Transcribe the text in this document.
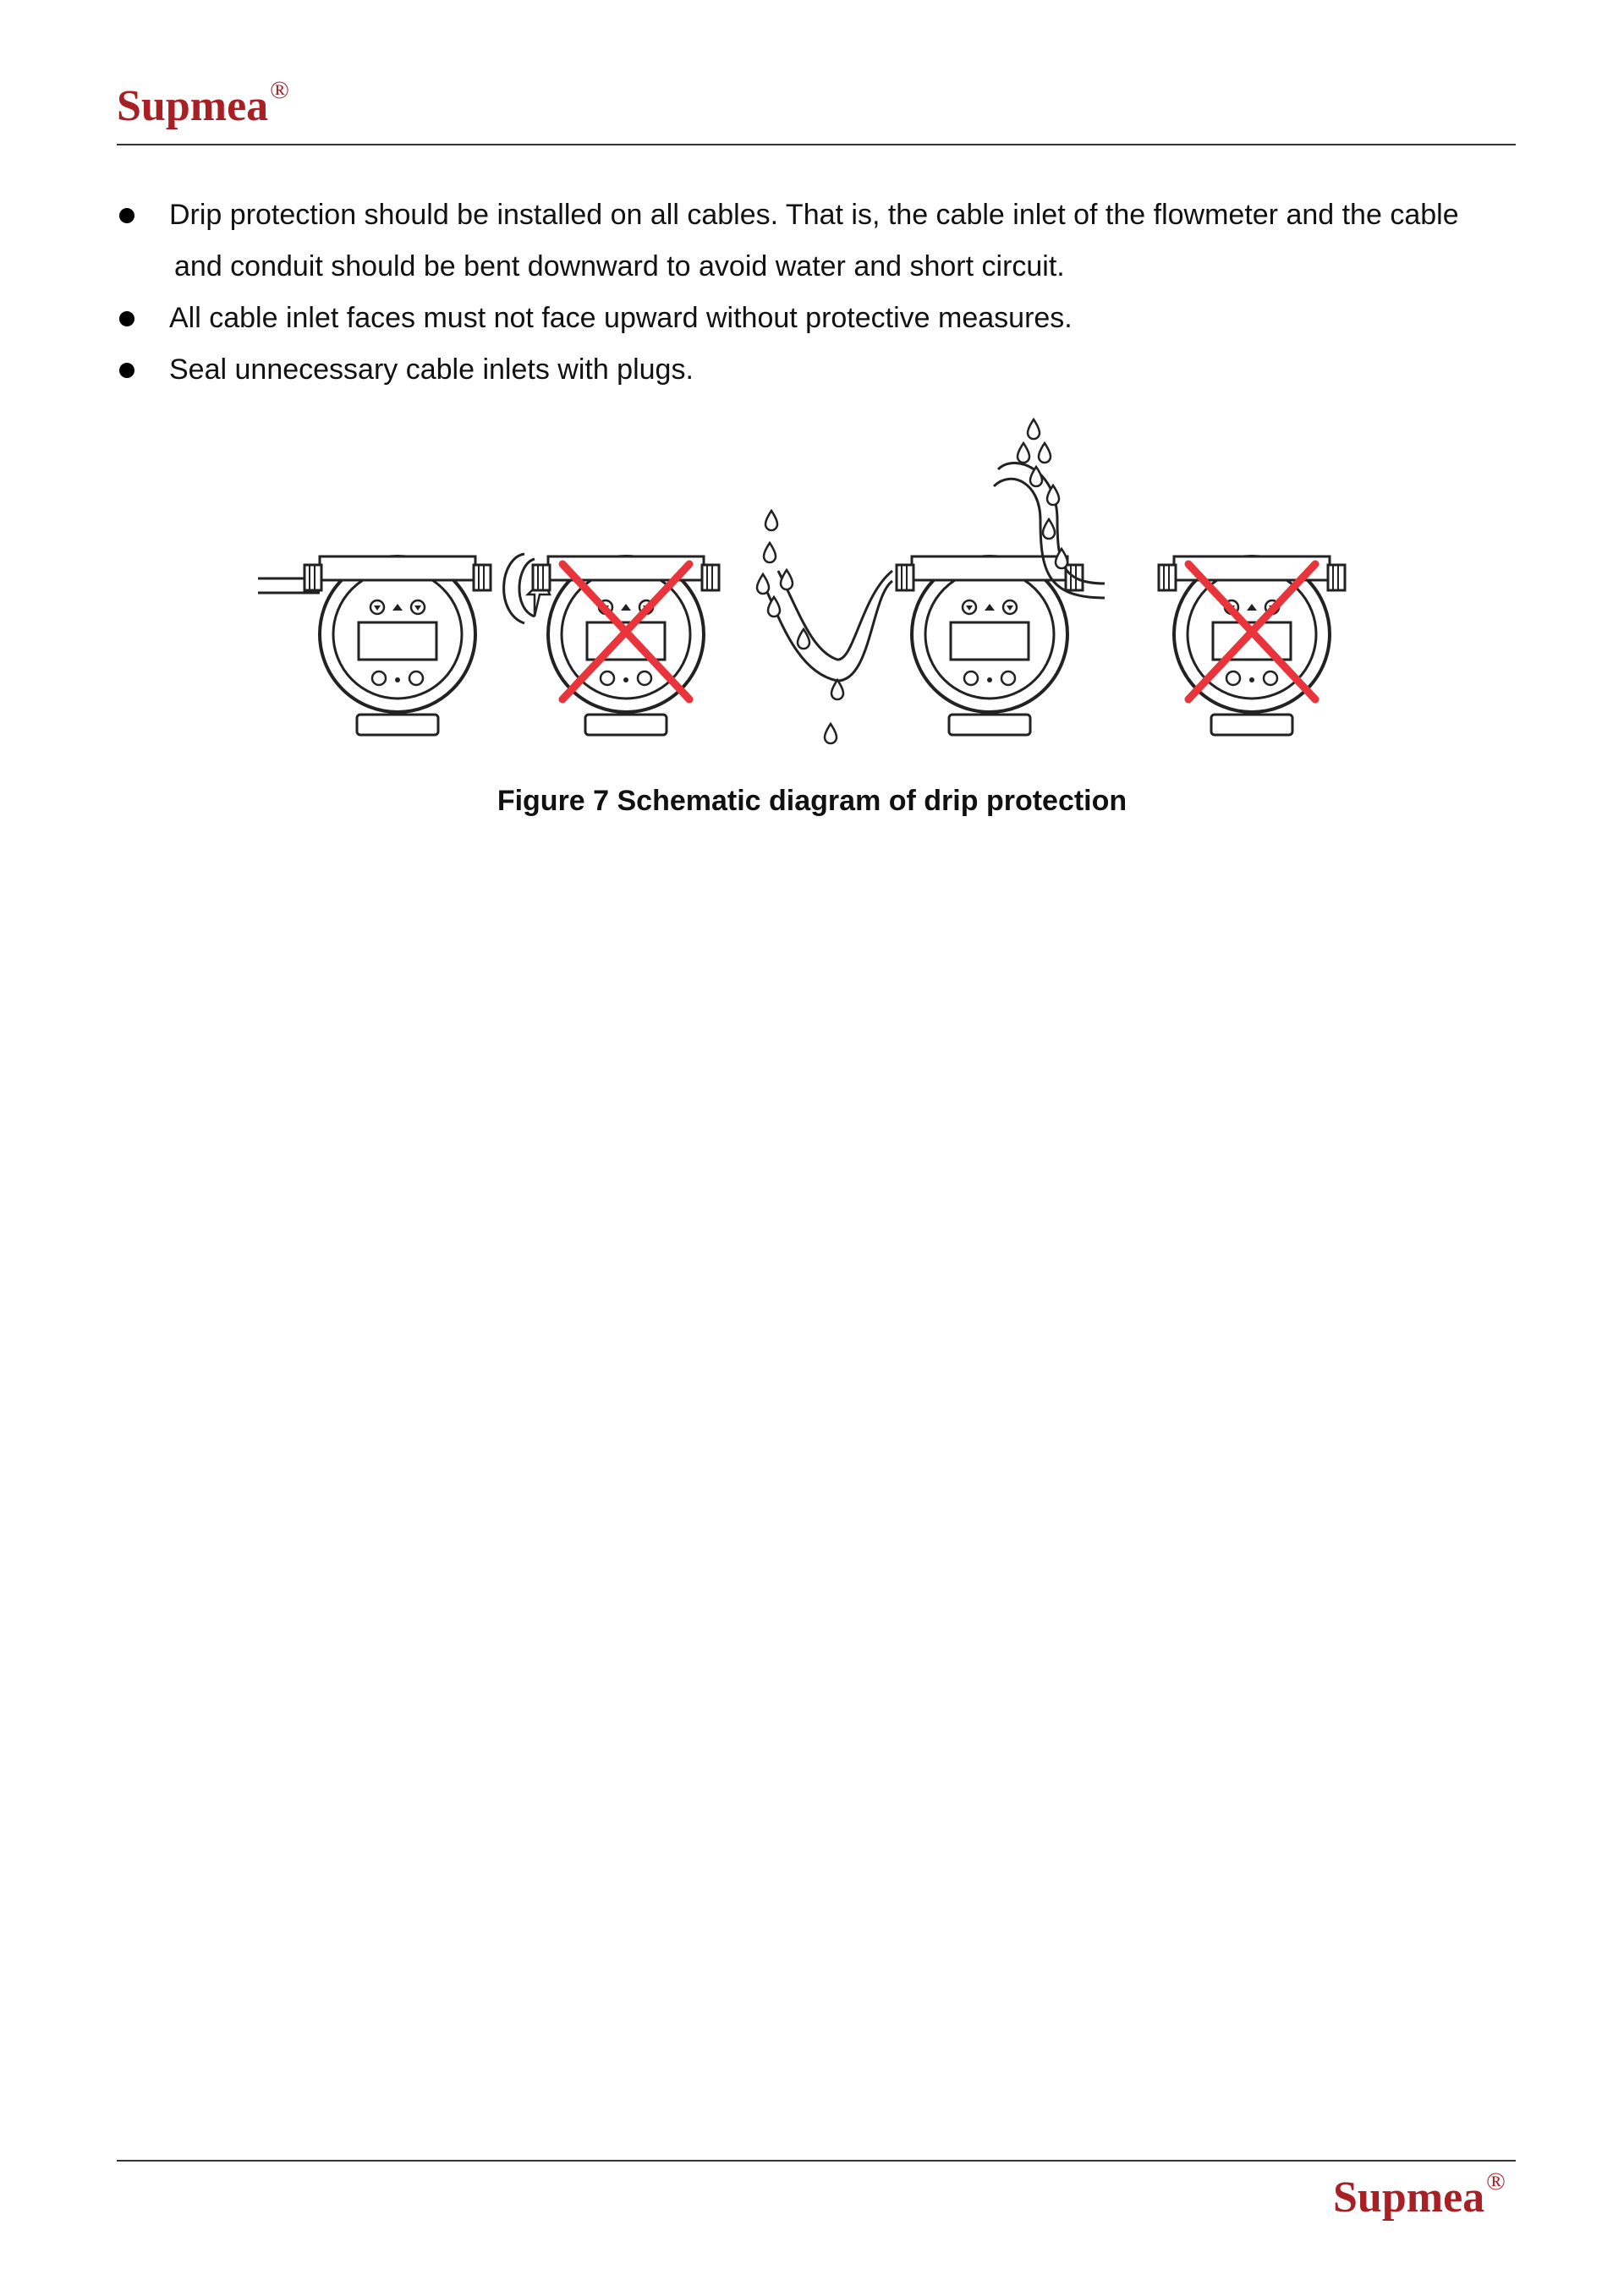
Supmea®
Drip protection should be installed on all cables. That is, the cable inlet of the flowmeter and the cable
and conduit should be bent downward to avoid water and short circuit.
All cable inlet faces must not face upward without protective measures.
Seal unnecessary cable inlets with plugs.
Figure 7 Schematic diagram of drip protection
Supmea®
